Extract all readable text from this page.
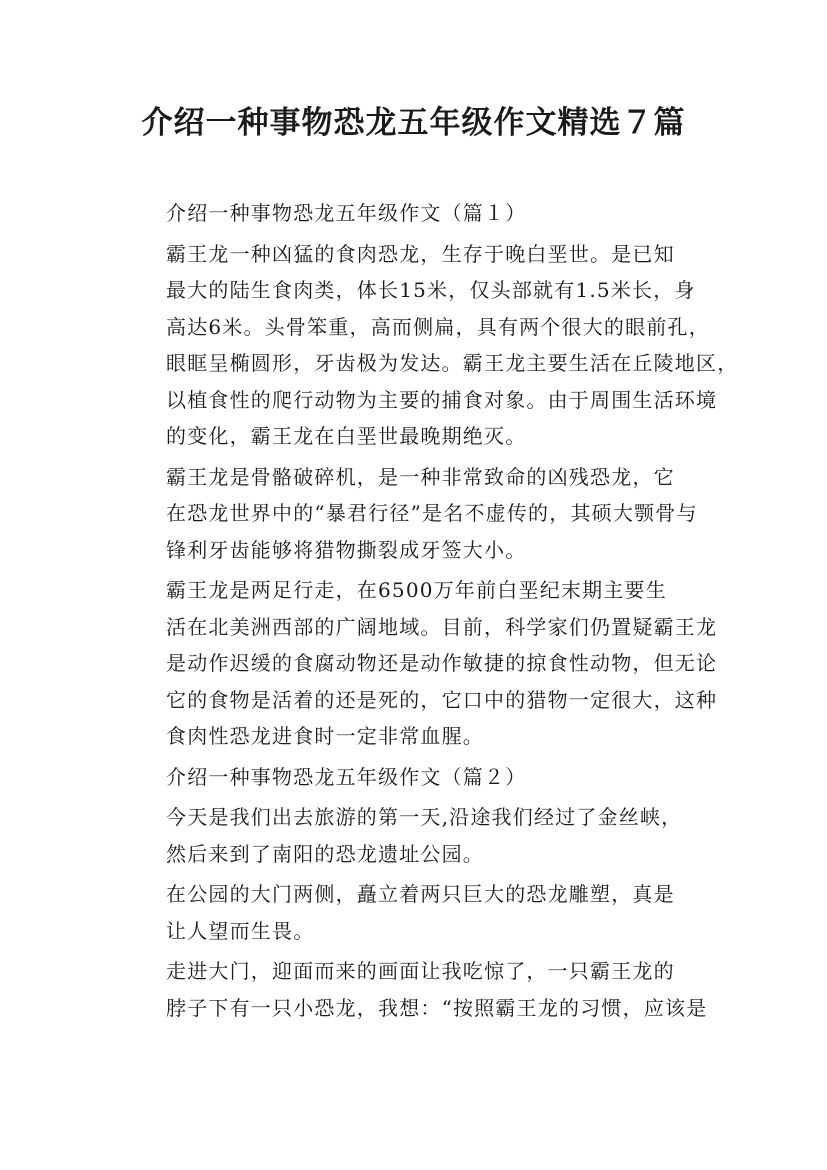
介绍一种事物恐龙五年级作文精选７篇

介绍一种事物恐龙五年级作文（篇１）

霸王龙一种凶猛的食肉恐龙，生存于晚白垩世。是已知
最大的陆生食肉类，体长15米，仅头部就有1.5米长，身
高达6米。头骨笨重，高而侧扁，具有两个很大的眼前孔，
眼眶呈椭圆形，牙齿极为发达。霸王龙主要生活在丘陵地区，
以植食性的爬行动物为主要的捕食对象。由于周围生活环境
的变化，霸王龙在白垩世最晚期绝灭。

霸王龙是骨骼破碎机，是一种非常致命的凶残恐龙，它
在恐龙世界中的“暴君行径”是名不虚传的，其硕大颚骨与
锋利牙齿能够将猎物撕裂成牙签大小。

霸王龙是两足行走，在6500万年前白垩纪末期主要生
活在北美洲西部的广阔地域。目前，科学家们仍置疑霸王龙
是动作迟缓的食腐动物还是动作敏捷的掠食性动物，但无论
它的食物是活着的还是死的，它口中的猎物一定很大，这种
食肉性恐龙进食时一定非常血腥。

介绍一种事物恐龙五年级作文（篇２）

今天是我们出去旅游的第一天,沿途我们经过了金丝峡，
然后来到了南阳的恐龙遗址公园。

在公园的大门两侧，矗立着两只巨大的恐龙雕塑，真是
让人望而生畏。

走进大门，迎面而来的画面让我吃惊了，一只霸王龙的
脖子下有一只小恐龙，我想：“按照霸王龙的习惯，应该是
